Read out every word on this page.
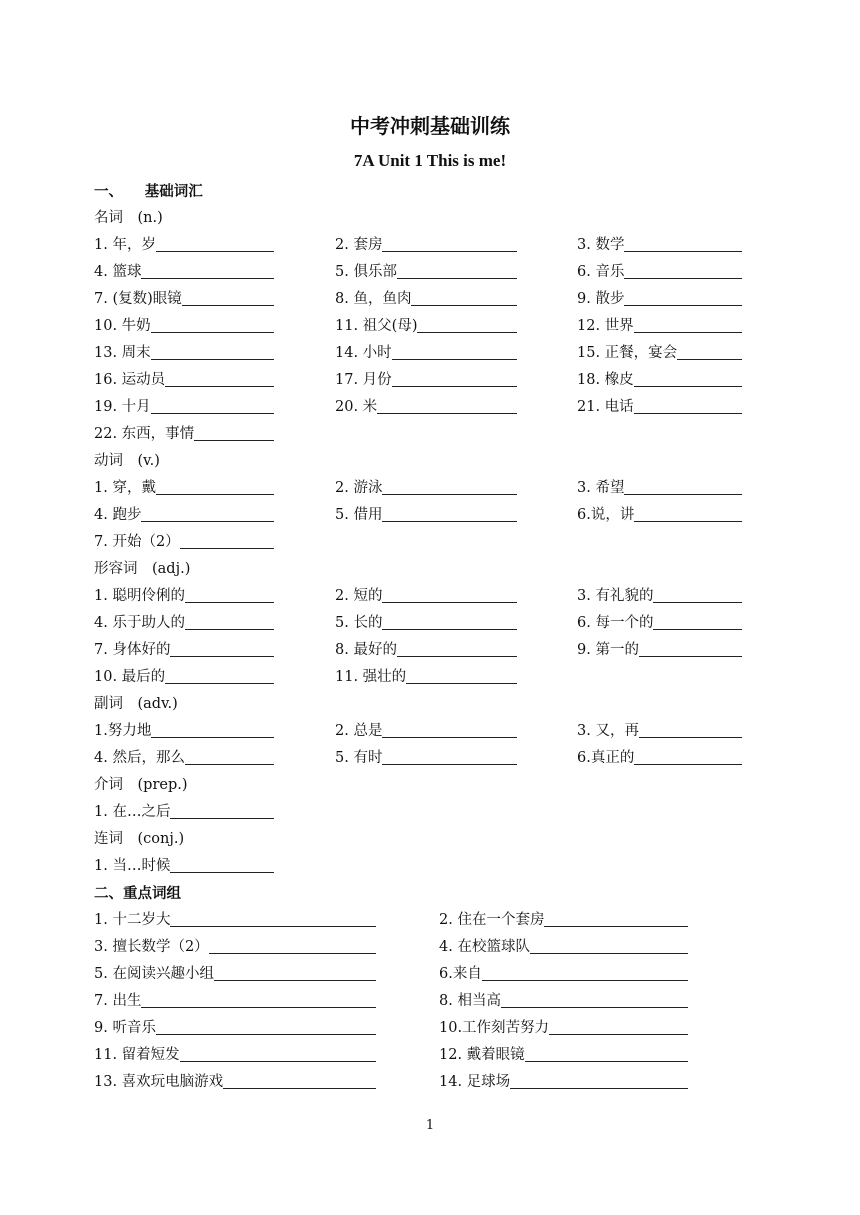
中考冲刺基础训练
7A Unit 1 This is me!
一、　　基础词汇
名词　(n.)
1. 年，岁	2. 套房	3. 数学
4. 篮球	5. 俱乐部	6. 音乐
7. (复数)眼镜	8. 鱼，鱼肉	9. 散步
10. 牛奶	11. 祖父(母)	12. 世界
13. 周末	14. 小时	15. 正餐，宴会
16. 运动员	17. 月份	18. 橡皮
19. 十月	20. 米	21. 电话
22. 东西，事情
动词　(v.)
1. 穿，戴	2. 游泳	3. 希望
4. 跑步	5. 借用	6.说，讲
7. 开始（2）
形容词　(adj.)
1. 聪明伶俐的	2. 短的	3. 有礼貌的
4. 乐于助人的	5. 长的	6. 每一个的
7. 身体好的	8. 最好的	9. 第一的
10. 最后的	11. 强壮的
副词　(adv.)
1.努力地	2. 总是	3. 又，再
4. 然后，那么	5. 有时	6.真正的
介词　(prep.)
1. 在…之后
连词　(conj.)
1. 当…时候
二、重点词组
1. 十二岁大	2. 住在一个套房
3. 擅长数学（2）	4. 在校篮球队
5. 在阅读兴趣小组	6.来自
7. 出生	8. 相当高
9. 听音乐	10.工作刻苦努力
11. 留着短发	12. 戴着眼镜
13. 喜欢玩电脑游戏	14. 足球场
1
